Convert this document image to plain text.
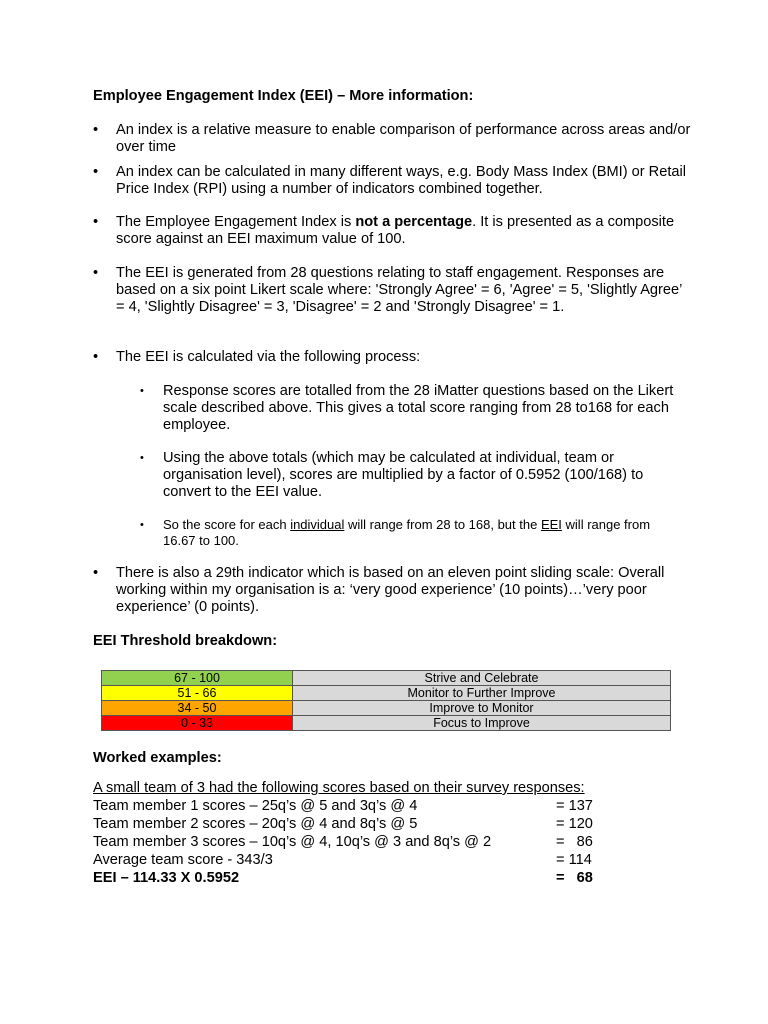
Employee Engagement Index (EEI) – More information:
• An index is a relative measure to enable comparison of performance across areas and/or over time
• An index can be calculated in many different ways, e.g. Body Mass Index (BMI) or Retail Price Index (RPI) using a number of indicators combined together.
• The Employee Engagement Index is not a percentage. It is presented as a composite score against an EEI maximum value of 100.
• The EEI is generated from 28 questions relating to staff engagement. Responses are based on a six point Likert scale where: 'Strongly Agree' = 6, 'Agree' = 5, 'Slightly Agree’ = 4, 'Slightly Disagree' = 3, 'Disagree' = 2 and 'Strongly Disagree' = 1.
• The EEI is calculated via the following process:
• Response scores are totalled from the 28 iMatter questions based on the Likert scale described above. This gives a total score ranging from 28 to168 for each employee.
• Using the above totals (which may be calculated at individual, team or organisation level), scores are multiplied by a factor of 0.5952 (100/168) to convert to the EEI value.
• So the score for each individual will range from 28 to 168, but the EEI will range from 16.67 to 100.
• There is also a 29th indicator which is based on an eleven point sliding scale: Overall working within my organisation is a: ‘very good experience’ (10 points)…’very poor experience’ (0 points).
EEI Threshold breakdown:
67 - 100	Strive and Celebrate
51 - 66	Monitor to Further Improve
34 - 50	Improve to Monitor
0 - 33	Focus to Improve
Worked examples:
A small team of 3 had the following scores based on their survey responses:
Team member 1 scores – 25q’s @ 5 and 3q’s @ 4	= 137
Team member 2 scores – 20q’s @ 4 and 8q’s @ 5	= 120
Team member 3 scores – 10q’s @ 4, 10q’s @ 3 and 8q’s @ 2	=   86
Average team score - 343/3	= 114
EEI – 114.33 X 0.5952	=   68
